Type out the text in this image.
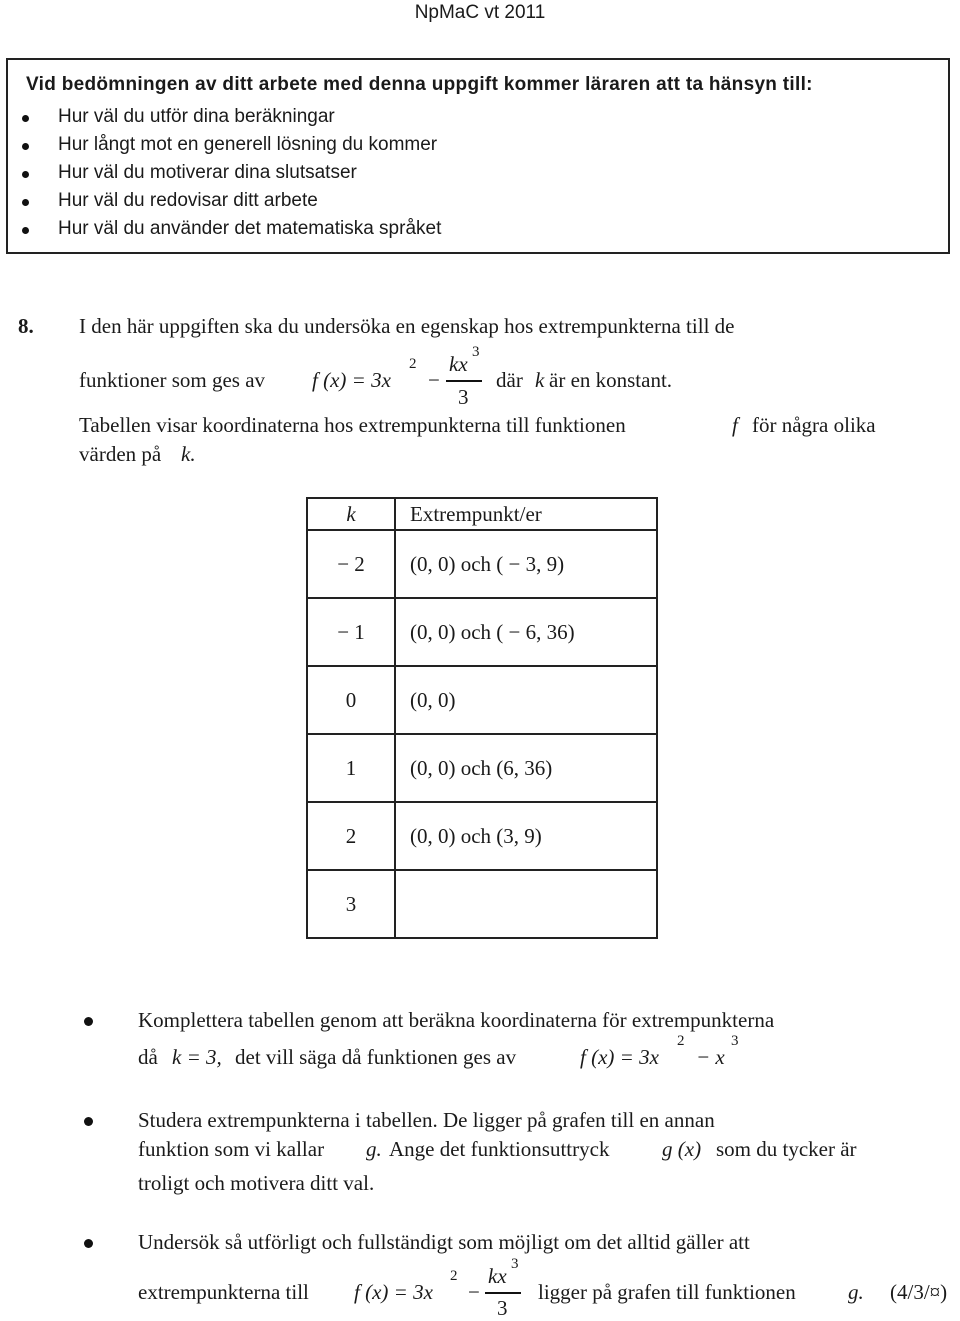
NpMaC vt 2011
Vid bedömningen av ditt arbete med denna uppgift kommer läraren att ta hänsyn till:
Hur väl du utför dina beräkningar
Hur långt mot en generell lösning du kommer
Hur väl du motiverar dina slutsatser
Hur väl du redovisar ditt arbete
Hur väl du använder det matematiska språket
8. I den här uppgiften ska du undersöka en egenskap hos extrempunkterna till de
funktioner som ges av f (x) = 3x
2
−
kx 3
3
där k är en konstant.
Tabellen visar koordinaterna hos extrempunkterna till funktionen	f för några olika
värden på k.
k	Extrempunkt/er
− 2	(0, 0) och ( − 3, 9)
− 1	(0, 0) och ( − 6, 36)
0	(0, 0)
1	(0, 0) och (6, 36)
2	(0, 0) och (3, 9)
3	
Komplettera tabellen genom att beräkna koordinaterna för extrempunkterna
då k = 3, det vill säga då funktionen ges av	f (x) = 3x
2
− x
3
Studera extrempunkterna i tabellen. De ligger på grafen till en annan
funktion som vi kallar g. Ange det funktionsuttryck	g (x) som du tycker är
troligt och motivera ditt val.
Undersök så utförligt och fullständigt som möjligt om det alltid gäller att
extrempunkterna till f (x) = 3x
2
−
kx 3
3
ligger på grafen till funktionen g. (4/3/¤)
